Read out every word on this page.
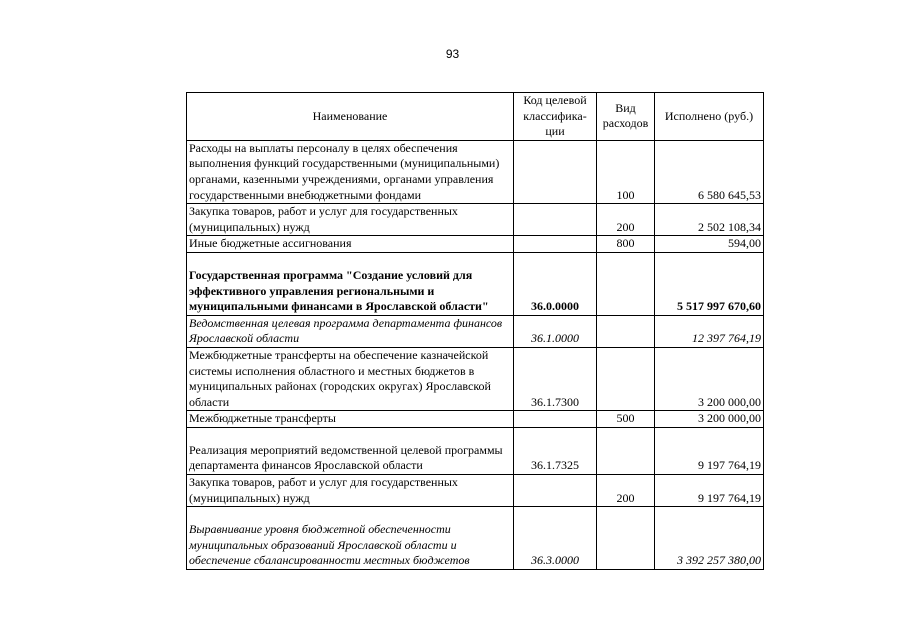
93
Наименование	Код целевой классифика-ции	Вид расходов	Исполнено (руб.)
Расходы на выплаты персоналу в целях обеспечения выполнения функций государственными (муниципальными) органами, казенными учреждениями, органами управления государственными внебюджетными фондами		100	6 580 645,53
Закупка товаров, работ и услуг для государственных (муниципальных) нужд		200	2 502 108,34
Иные бюджетные ассигнования		800	594,00
Государственная программа "Создание условий для эффективного управления региональными и муниципальными финансами в Ярославской области"	36.0.0000		5 517 997 670,60
Ведомственная целевая программа департамента финансов Ярославской области	36.1.0000		12 397 764,19
Межбюджетные трансферты на обеспечение казначейской системы исполнения областного и местных бюджетов в муниципальных районах (городских округах) Ярославской области	36.1.7300		3 200 000,00
Межбюджетные трансферты		500	3 200 000,00
Реализация мероприятий ведомственной целевой программы департамента финансов Ярославской области	36.1.7325		9 197 764,19
Закупка товаров, работ и услуг для государственных (муниципальных) нужд		200	9 197 764,19
Выравнивание уровня бюджетной обеспеченности муниципальных образований Ярославской области и обеспечение сбалансированности местных бюджетов	36.3.0000		3 392 257 380,00
